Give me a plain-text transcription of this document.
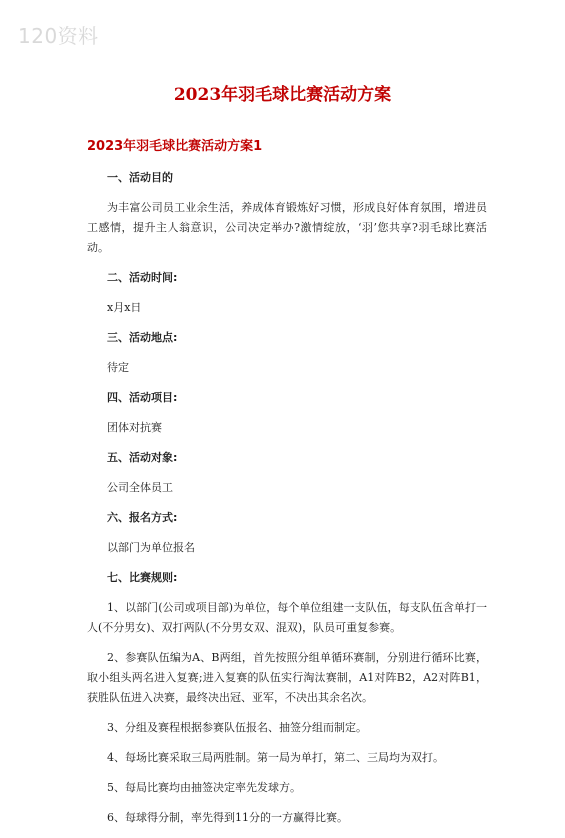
120资料
2023年羽毛球比赛活动方案
2023年羽毛球比赛活动方案1
一、活动目的
为丰富公司员工业余生活，养成体育锻炼好习惯，形成良好体育氛围，增进员工感情，提升主人翁意识，公司决定举办?激情绽放，‘羽’您共享?羽毛球比赛活动。
二、活动时间:
x月x日
三、活动地点:
待定
四、活动项目:
团体对抗赛
五、活动对象:
公司全体员工
六、报名方式:
以部门为单位报名
七、比赛规则:
1、以部门(公司或项目部)为单位，每个单位组建一支队伍，每支队伍含单打一人(不分男女)、双打两队(不分男女双、混双)，队员可重复参赛。
2、参赛队伍编为A、B两组，首先按照分组单循环赛制，分别进行循环比赛，取小组头两名进入复赛;进入复赛的队伍实行淘汰赛制，A1对阵B2，A2对阵B1，获胜队伍进入决赛，最终决出冠、亚军，不决出其余名次。
3、分组及赛程根据参赛队伍报名、抽签分组而制定。
4、每场比赛采取三局两胜制。第一局为单打，第二、三局均为双打。
5、每局比赛均由抽签决定率先发球方。
6、每球得分制，率先得到11分的一方赢得比赛。
